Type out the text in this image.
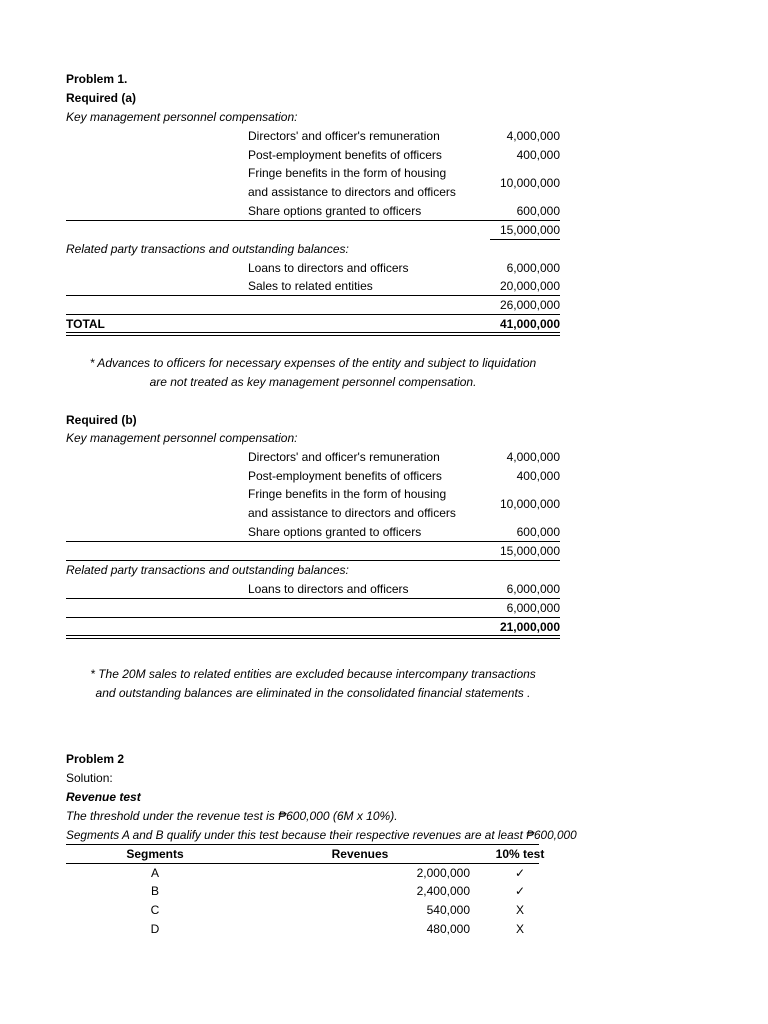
Problem 1.
Required (a)
Key management personnel compensation:
Directors' and officer's remuneration	4,000,000
Post-employment benefits of officers	400,000
Fringe benefits in the form of housing
and assistance to directors and officers
10,000,000
Share options granted to officers	600,000
15,000,000
Related party transactions and outstanding balances:
Loans to directors and officers	6,000,000
Sales to related entities	20,000,000
26,000,000
TOTAL	41,000,000
* Advances to officers for necessary expenses of the entity and subject to liquidation
are not treated as key management personnel compensation.
Required (b)
Key management personnel compensation:
Directors' and officer's remuneration	4,000,000
Post-employment benefits of officers	400,000
Fringe benefits in the form of housing
and assistance to directors and officers
10,000,000
Share options granted to officers	600,000
15,000,000
Related party transactions and outstanding balances:
Loans to directors and officers	6,000,000
6,000,000
21,000,000
* The 20M sales to related entities are excluded because intercompany transactions
and outstanding balances are eliminated in the consolidated financial statements .
Problem 2
Solution:
Revenue test
The threshold under the revenue test is ₱600,000 (6M x 10%).
Segments A and B qualify under this test because their respective revenues are at least ₱600,000
Segments	Revenues	10% test
A	2,000,000	✓
B	2,400,000	✓
C	540,000	X
D	480,000	X
